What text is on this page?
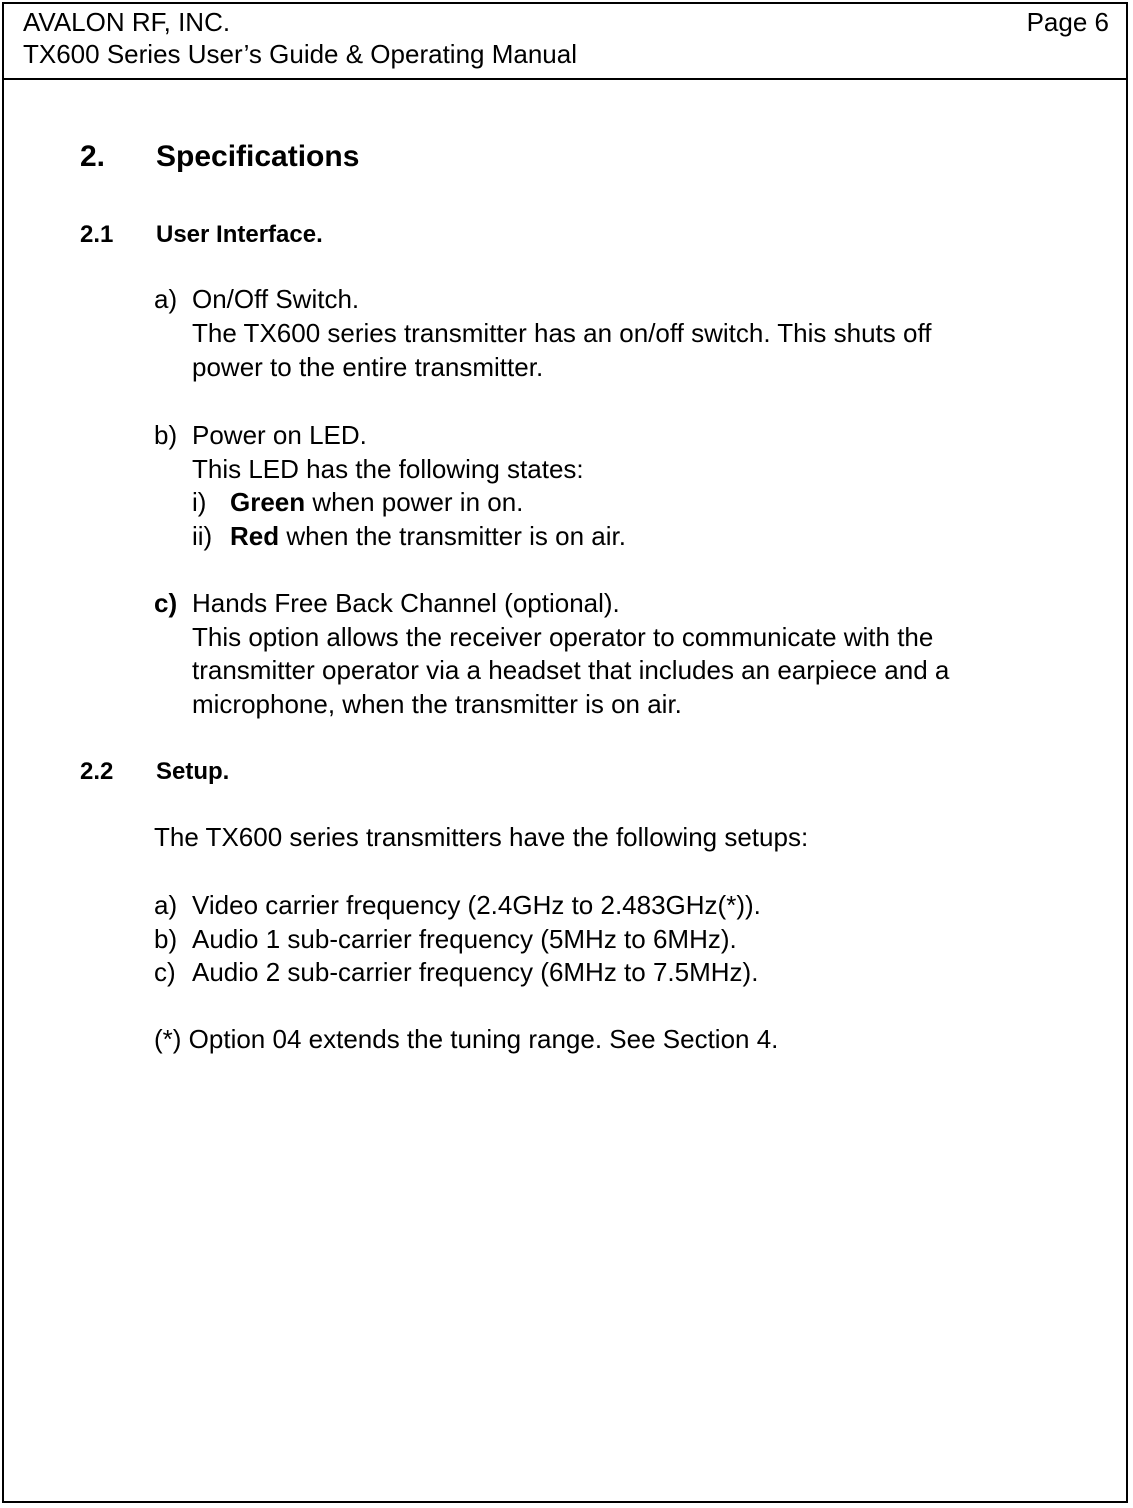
AVALON RF, INC.	Page 6
TX600 Series User’s Guide & Operating Manual
2. Specifications
2.1 User Interface.
a) On/Off Switch.
The TX600 series transmitter has an on/off switch. This shuts off
power to the entire transmitter.
b) Power on LED.
This LED has the following states:
i) Green when power in on.
ii) Red when the transmitter is on air.
c) Hands Free Back Channel (optional).
This option allows the receiver operator to communicate with the
transmitter operator via a headset that includes an earpiece and a
microphone, when the transmitter is on air.
2.2 Setup.
The TX600 series transmitters have the following setups:
a) Video carrier frequency (2.4GHz to 2.483GHz(*)).
b) Audio 1 sub-carrier frequency (5MHz to 6MHz).
c) Audio 2 sub-carrier frequency (6MHz to 7.5MHz).
(*) Option 04 extends the tuning range. See Section 4.
